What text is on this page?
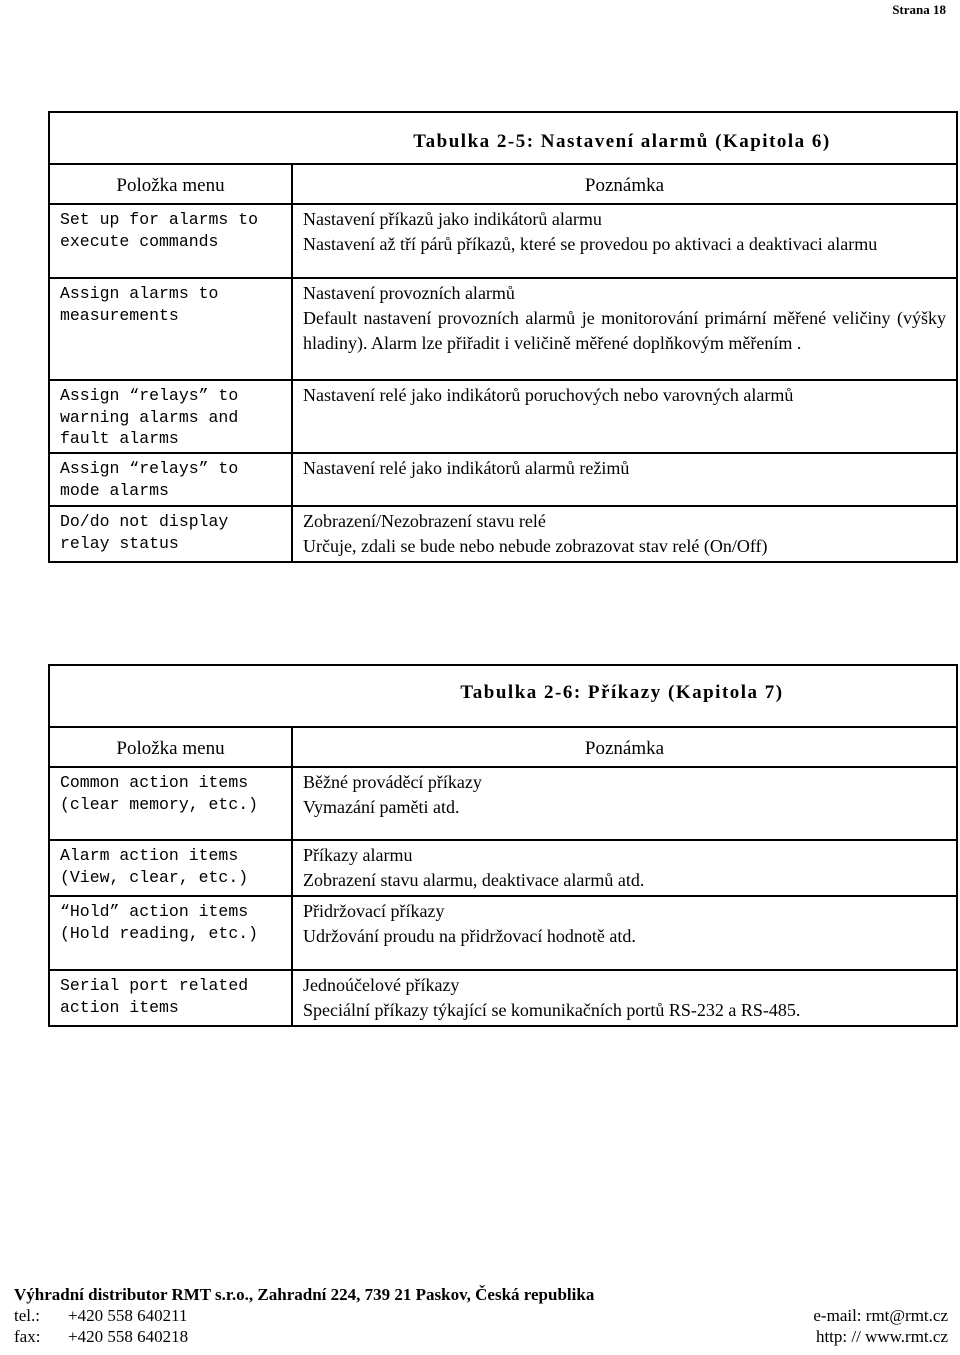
Strana 18
Tabulka 2-5: Nastavení alarmů (Kapitola 6)	
Položka menu	Poznámka
Set up for alarms to execute commands	Nastavení příkazů jako indikátorů alarmu
Nastavení až tří párů příkazů, které se provedou po aktivaci a deaktivaci alarmu

Assign alarms to measurements	Nastavení provozních alarmů
Default nastavení provozních alarmů je monitorování primární měřené veličiny (výšky hladiny). Alarm lze přiřadit i veličině měřené doplňkovým měřením .

Assign “relays” to warning alarms and fault alarms	Nastavení relé jako indikátorů poruchových nebo varovných alarmů

Assign “relays” to mode alarms	Nastavení relé jako indikátorů alarmů režimů

Do/do not display relay status	Zobrazení/Nezobrazení stavu relé
Určuje, zdali se bude nebo nebude zobrazovat stav relé (On/Off)
Tabulka 2-6: Příkazy (Kapitola 7)	
Položka menu	Poznámka
Common action items (clear memory, etc.)	Běžné prováděcí příkazy
Vymazání paměti atd.

Alarm action items (View, clear, etc.)	Příkazy alarmu
Zobrazení stavu alarmu, deaktivace alarmů atd.

“Hold” action items (Hold reading, etc.)	Přidržovací příkazy
Udržování proudu na přidržovací hodnotě atd.

Serial port related action items	Jednoúčelové příkazy
Speciální příkazy týkající se komunikačních portů RS-232 a RS-485.
Výhradní distributor RMT s.r.o., Zahradní 224, 739 21 Paskov, Česká republika
tel.: +420 558 640211	e-mail: rmt@rmt.cz
fax: +420 558 640218	http: // www.rmt.cz
